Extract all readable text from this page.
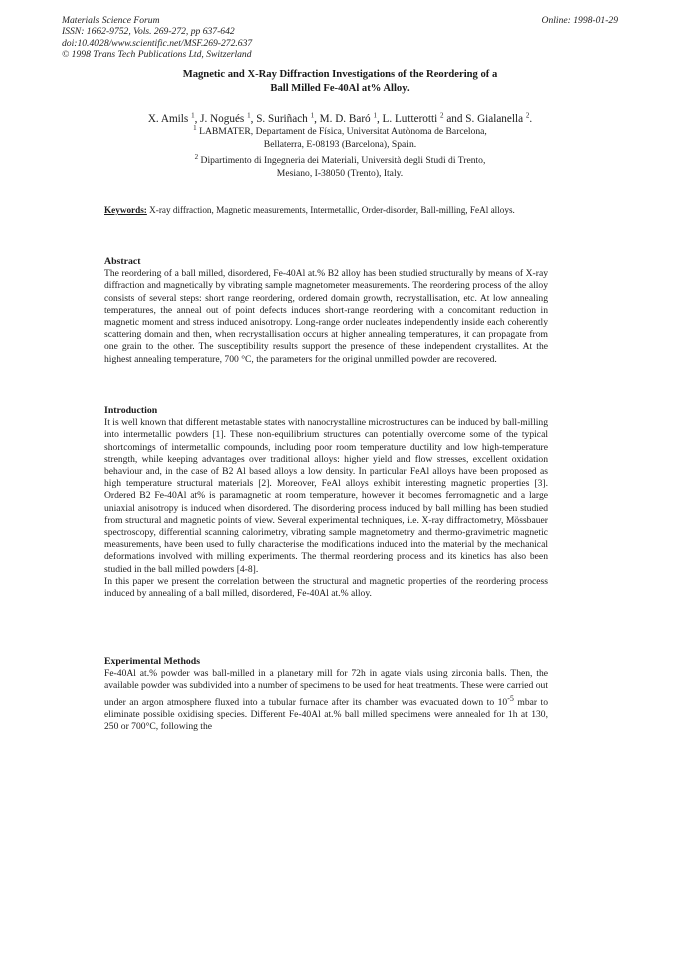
Materials Science Forum
ISSN: 1662-9752, Vols. 269-272, pp 637-642
doi:10.4028/www.scientific.net/MSF.269-272.637
© 1998 Trans Tech Publications Ltd, Switzerland
Online: 1998-01-29
Magnetic and X-Ray Diffraction Investigations of the Reordering of a
Ball Milled Fe-40Al at% Alloy.
X. Amils $^1$, J. Nogués $^1$, S. Suriñach $^1$, M. D. Baró $^1$, L. Lutterotti $^2$ and S. Gialanella $^2$.
$^1$ LABMATER, Departament de Física, Universitat Autònoma de Barcelona,
Bellaterra, E-08193 (Barcelona), Spain.
$^2$ Dipartimento di Ingegneria dei Materiali, Università degli Studi di Trento,
Mesiano, I-38050 (Trento), Italy.
Keywords: X-ray diffraction, Magnetic measurements, Intermetallic, Order-disorder, Ball-milling, FeAl alloys.
Abstract

The reordering of a ball milled, disordered, Fe-40Al at.% B2 alloy has been studied structurally by means of X-ray diffraction and magnetically by vibrating sample magnetometer measurements. The reordering process of the alloy consists of several steps: short range reordering, ordered domain growth, recrystallisation, etc. At low annealing temperatures, the anneal out of point defects induces short-range reordering with a concomitant reduction in magnetic moment and stress induced anisotropy. Long-range order nucleates independently inside each coherently scattering domain and then, when recrystallisation occurs at higher annealing temperatures, it can propagate from one grain to the other. The susceptibility results support the presence of these independent crystallites. At the highest annealing temperature, 700 °C, the parameters for the original unmilled powder are recovered.

Introduction

It is well known that different metastable states with nanocrystalline microstructures can be induced by ball-milling into intermetallic powders [1]. These non-equilibrium structures can potentially overcome some of the typical shortcomings of intermetallic compounds, including poor room temperature ductility and low high-temperature strength, while keeping advantages over traditional alloys: higher yield and flow stresses, excellent oxidation behaviour and, in the case of B2 Al based alloys a low density. In particular FeAl alloys have been proposed as high temperature structural materials [2]. Moreover, FeAl alloys exhibit interesting magnetic properties [3]. Ordered B2 Fe-40Al at% is paramagnetic at room temperature, however it becomes ferromagnetic and a large uniaxial anisotropy is induced when disordered. The disordering process induced by ball milling has been studied from structural and magnetic points of view. Several experimental techniques, i.e. X-ray diffractometry, Mössbauer spectroscopy, differential scanning calorimetry, vibrating sample magnetometry and thermo-gravimetric magnetic measurements, have been used to fully characterise the modifications induced into the material by the mechanical deformations involved with milling experiments. The thermal reordering process and its kinetics has also been studied in the ball milled powders [4-8].

In this paper we present the correlation between the structural and magnetic properties of the reordering process induced by annealing of a ball milled, disordered, Fe-40Al at.% alloy.

Experimental Methods

Fe-40Al at.% powder was ball-milled in a planetary mill for 72h in agate vials using zirconia balls. Then, the available powder was subdivided into a number of specimens to be used for heat treatments. These were carried out under an argon atmosphere fluxed into a tubular furnace after its chamber was evacuated down to $10^{-5}$ mbar to eliminate possible oxidising species. Different Fe-40Al at.% ball milled specimens were annealed for 1h at 130, 250 or 700°C, following the
